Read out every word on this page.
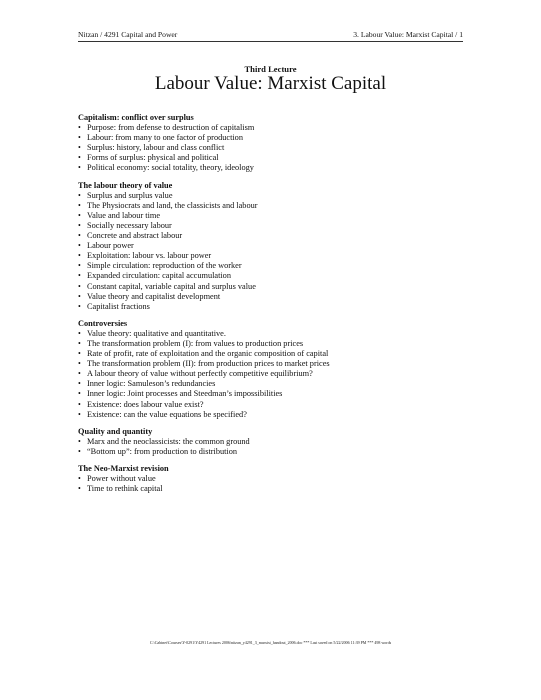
Nitzan / 4291 Capital and Power	3. Labour Value: Marxist Capital / 1
Third Lecture
Labour Value: Marxist Capital
Capitalism: conflict over surplus
• Purpose: from defense to destruction of capitalism
• Labour: from many to one factor of production
• Surplus: history, labour and class conflict
• Forms of surplus: physical and political
• Political economy: social totality, theory, ideology
The labour theory of value
• Surplus and surplus value
• The Physiocrats and land, the classicists and labour
• Value and labour time
• Socially necessary labour
• Concrete and abstract labour
• Labour power
• Exploitation: labour vs. labour power
• Simple circulation: reproduction of the worker
• Expanded circulation: capital accumulation
• Constant capital, variable capital and surplus value
• Value theory and capitalist development
• Capitalist fractions
Controversies
• Value theory: qualitative and quantitative.
• The transformation problem (I): from values to production prices
• Rate of profit, rate of exploitation and the organic composition of capital
• The transformation problem (II): from production prices to market prices
• A labour theory of value without perfectly competitive equilibrium?
• Inner logic: Samuleson’s redundancies
• Inner logic: Joint processes and Steedman’s impossibilities
• Existence: does labour value exist?
• Existence: can the value equations be specified?
Quality and quantity
• Marx and the neoclassicists: the common ground
• “Bottom up”: from production to distribution
The Neo-Marxist revision
• Power without value
• Time to rethink capital
C:\Cabinet\Courses\Y-0291\Y4291 Lectures 2006\nitzan_y4291_3_marxist_handout_2006.doc *** Last saved on 5/22/2006 11:39 PM *** 498 words
